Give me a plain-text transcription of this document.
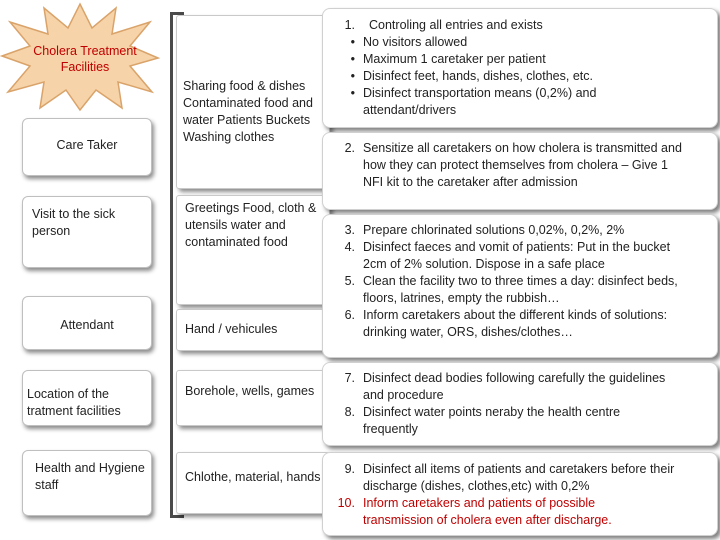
Cholera Treatment Facilities
Care Taker
Visit to the sick person
Attendant
Location of the tratment facilities
Health and Hygiene staff
Sharing food & dishes Contaminated food and water Patients Buckets Washing clothes
Greetings Food, cloth & utensils water and contaminated food
Hand / vehicules
Borehole, wells, games
Chlothe, material, hands
1.	Controling all entries and exists
• No visitors allowed
• Maximum 1 caretaker per patient
• Disinfect feet, hands, dishes, clothes, etc.
• Disinfect transportation means (0,2%) and attendant/drivers
2. Sensitize all caretakers on how cholera is transmitted and how they can protect themselves from cholera – Give 1 NFI kit to the caretaker after admission
3. Prepare chlorinated solutions 0,02%, 0,2%, 2%
4. Disinfect faeces and vomit of patients: Put in the bucket 2cm of 2% solution. Dispose in a safe place
5. Clean the facility two to three times a day: disinfect beds, floors, latrines, empty the rubbish…
6. Inform caretakers about the different kinds of solutions: drinking water, ORS, dishes/clothes…
7. Disinfect dead bodies following carefully the guidelines and procedure
8. Disinfect water points neraby the health centre frequently
9. Disinfect all items of patients and caretakers before their discharge (dishes, clothes,etc) with 0,2%
10. Inform caretakers and patients of possible transmission of cholera even after discharge.
